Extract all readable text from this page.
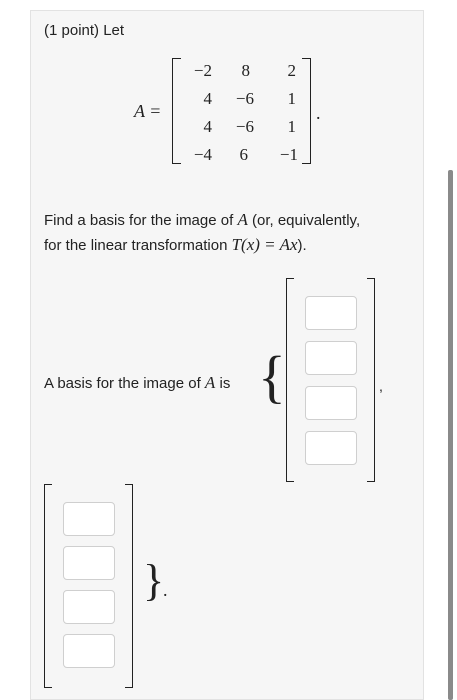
(1 point) Let
A =
−2	8	2
4	−6	1
4	−6	1
−4	6	−1
.
Find a basis for the image of A (or, equivalently,
for the linear transformation T(x) = Ax).
A basis for the image of A is {	,
}
.
